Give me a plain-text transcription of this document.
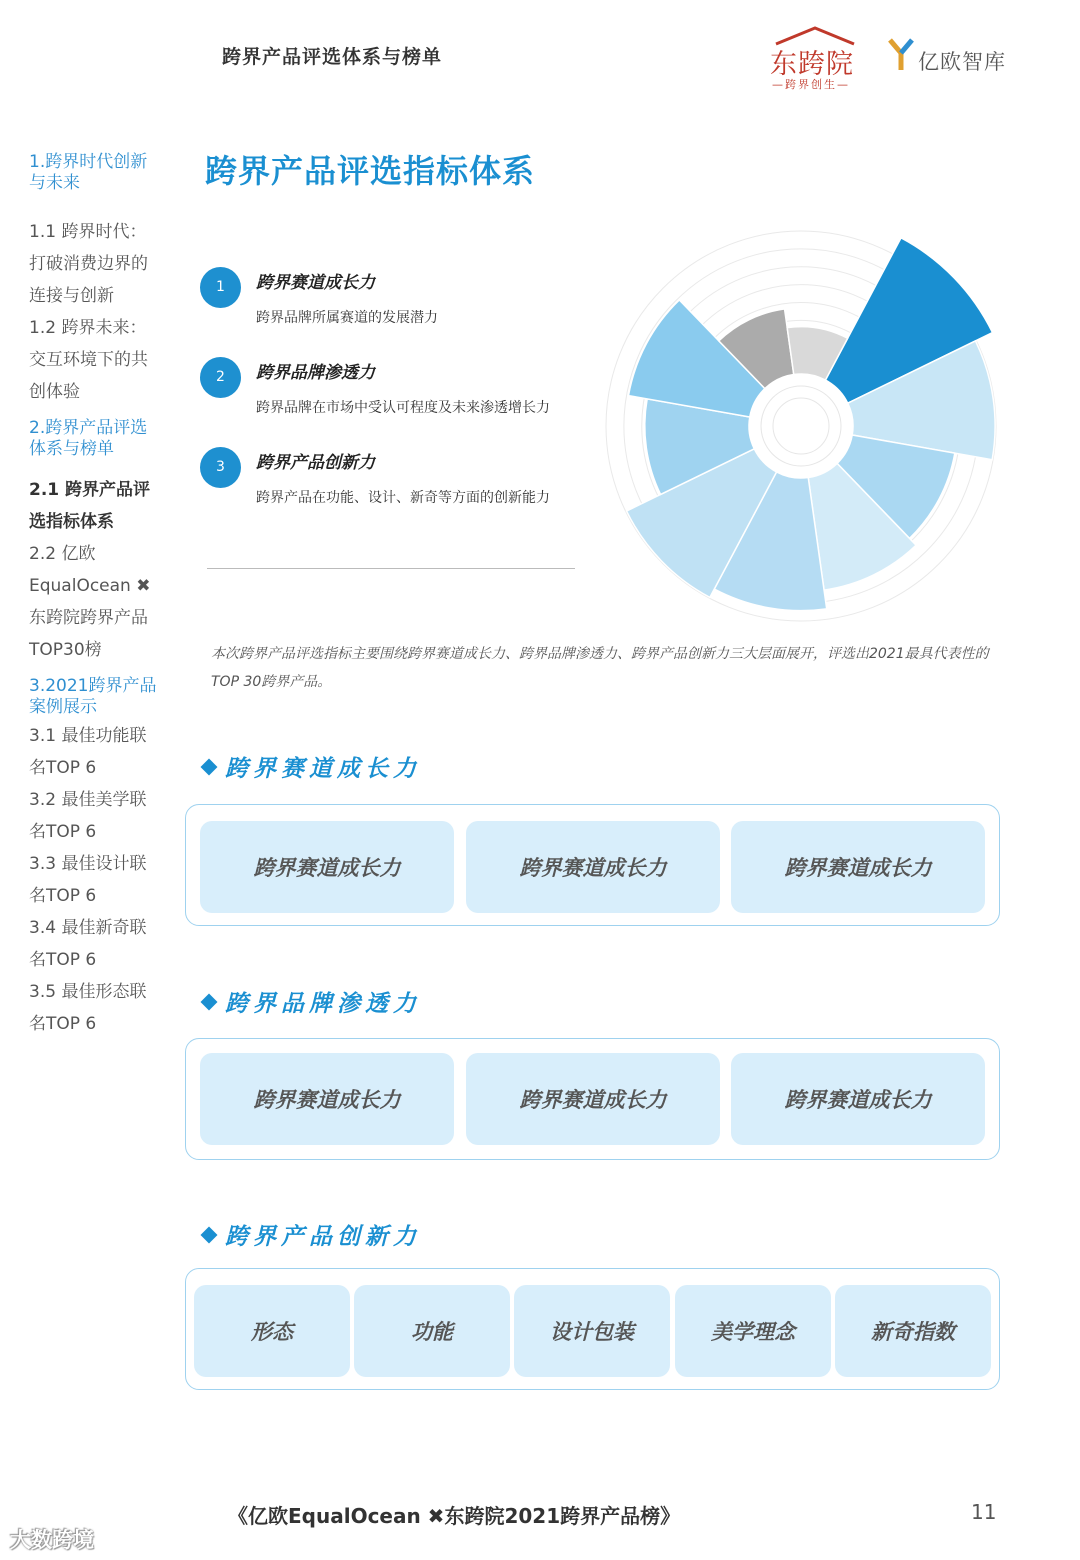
跨界产品评选体系与榜单	东跨院
—跨界创生—
亿欧智库
1.跨界时代创新与未来
1.1 跨界时代：
打破消费边界的
连接与创新
1.2 跨界未来：
交互环境下的共
创体验
2.跨界产品评选体系与榜单
2.1 跨界产品评
选指标体系
2.2 亿欧
EqualOcean ✖
东跨院跨界产品
TOP30榜
3.2021跨界产品案例展示
3.1 最佳功能联
名TOP 6
3.2 最佳美学联
名TOP 6
3.3 最佳设计联
名TOP 6
3.4 最佳新奇联
名TOP 6
3.5 最佳形态联
名TOP 6
跨界产品评选指标体系
1	跨界赛道成长力
跨界品牌所属赛道的发展潜力
2	跨界品牌渗透力
跨界品牌在市场中受认可程度及未来渗透增长力
3	跨界产品创新力
跨界产品在功能、设计、新奇等方面的创新能力
本次跨界产品评选指标主要围绕跨界赛道成长力、跨界品牌渗透力、跨界产品创新力三大层面展开，评选出2021最具代表性的TOP 30跨界产品。
跨界赛道成长力
跨界赛道成长力	跨界赛道成长力	跨界赛道成长力
跨界品牌渗透力
跨界赛道成长力	跨界赛道成长力	跨界赛道成长力
跨界产品创新力
形态	功能	设计包装	美学理念	新奇指数
《亿欧EqualOcean ✖东跨院2021跨界产品榜》	11
大数跨境
